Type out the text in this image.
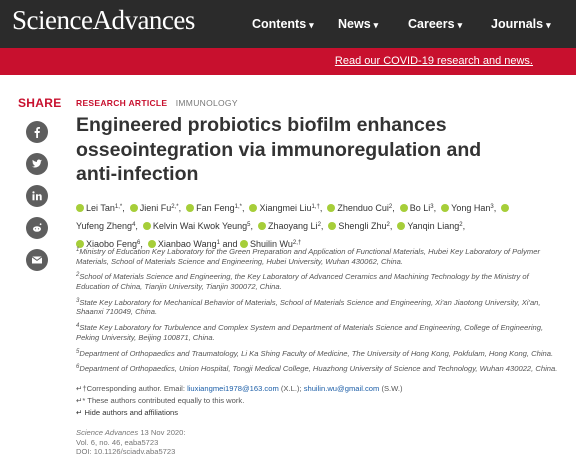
ScienceAdvances	Contents ▾ News ▾ Careers ▾ Journals ▾
Read our COVID-19 research and news.
SHARE RESEARCH ARTICLE IMMUNOLOGY
Engineered probiotics biofilm enhances osseointegration via immunoregulation and anti-infection
Lei Tan$^{1,*}$,  Jieni $Fu^{2,*}$,  Fan Feng$^{1,*}$,  Xiangmei Liu$^{1,\dagger}$,  Zhenduo Cui$^2$,  Bo Li$^3$,  Yong Han$^3$,  Yufeng Zheng$^4$,  Kelvin Wai Kwok Yeung$^5$,  Zhaoyang Li$^2$,  Shengli Zhu$^2$,  Yanqin Liang$^2$,  Xiaobo Feng$^6$,  Xianbao Wang$^1$ and Shuilin $Wu^{2,\dagger}$
$^1$Ministry of Education Key Laboratory for the Green Preparation and Application of Functional Materials, Hubei Key Laboratory of Polymer Materials, School of Materials Science and Engineering, Hubei University, Wuhan 430062, China.
$^2$School of Materials Science and Engineering, the Key Laboratory of Advanced Ceramics and Machining Technology by the Ministry of Education of China, Tianjin University, Tianjin 300072, China.
$^3$State Key Laboratory for Mechanical Behavior of Materials, School of Materials Science and Engineering, Xi'an Jiaotong University, Xi'an, Shaanxi 710049, China.
$^4$State Key Laboratory for Turbulence and Complex System and Department of Materials Science and Engineering, College of Engineering, Peking University, Beijing 100871, China.
$^5$Department of Orthopaedics and Traumatology, Li Ka Shing Faculty of Medicine, The University of Hong Kong, Pokfulam, Hong Kong, China.
$^6$Department of Orthopaedics, Union Hospital, Tongji Medical College, Huazhong University of Science and Technology, Wuhan 430022, China.
↵†Corresponding author. Email: liuxiangmei1978@163.com (X.L.); shuilin.wu@gmail.com (S.W.)
↵* These authors contributed equally to this work.
↵ Hide authors and affiliations
Science Advances 13 Nov 2020:
Vol. 6, no. 46, eaba5723
DOI: 10.1126/sciadv.aba5723
